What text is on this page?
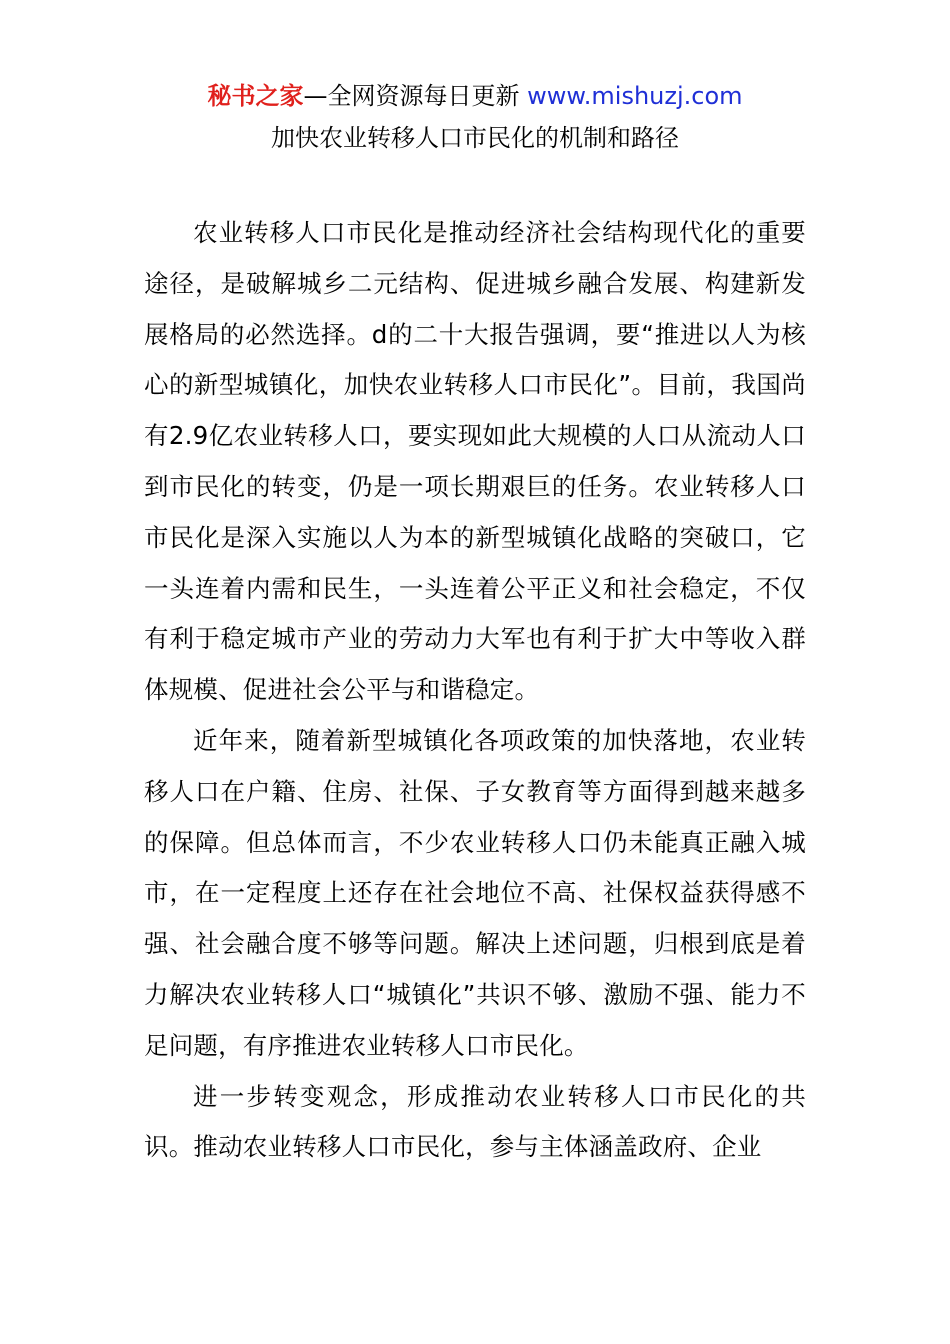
秘书之家—全网资源每日更新 www.mishuzj.com
加快农业转移人口市民化的机制和路径

农业转移人口市民化是推动经济社会结构现代化的重要途径，是破解城乡二元结构、促进城乡融合发展、构建新发展格局的必然选择。d的二十大报告强调，要“推进以人为核心的新型城镇化，加快农业转移人口市民化”。目前，我国尚有2.9亿农业转移人口，要实现如此大规模的人口从流动人口到市民化的转变，仍是一项长期艰巨的任务。农业转移人口市民化是深入实施以人为本的新型城镇化战略的突破口，它一头连着内需和民生，一头连着公平正义和社会稳定，不仅有利于稳定城市产业的劳动力大军也有利于扩大中等收入群体规模、促进社会公平与和谐稳定。

近年来，随着新型城镇化各项政策的加快落地，农业转移人口在户籍、住房、社保、子女教育等方面得到越来越多的保障。但总体而言，不少农业转移人口仍未能真正融入城市，在一定程度上还存在社会地位不高、社保权益获得感不强、社会融合度不够等问题。解决上述问题，归根到底是着力解决农业转移人口“城镇化”共识不够、激励不强、能力不足问题，有序推进农业转移人口市民化。

进一步转变观念，形成推动农业转移人口市民化的共识。推动农业转移人口市民化，参与主体涵盖政府、企业
